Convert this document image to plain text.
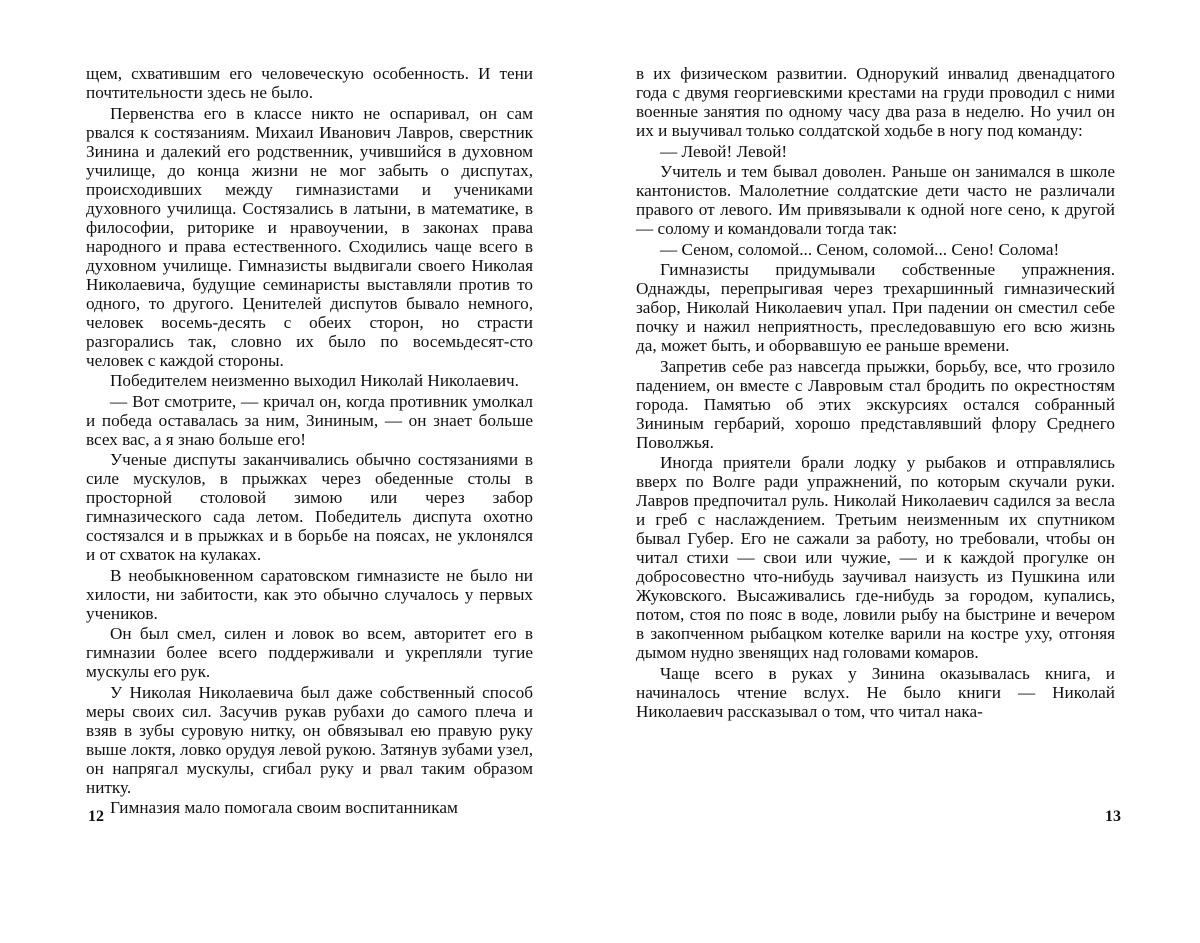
щем, схватившим его человеческую особенность. И тени почтительности здесь не было.

Первенства его в классе никто не оспаривал, он сам рвался к состязаниям. Михаил Иванович Лавров, сверстник Зинина и далекий его родственник, учившийся в духовном училище, до конца жизни не мог забыть о диспутах, происходивших между гимназистами и учениками духовного училища. Состязались в латыни, в математике, в философии, риторике и нравоучении, в законах права народного и права естественного. Сходились чаще всего в духовном училище. Гимназисты выдвигали своего Николая Николаевича, будущие семинаристы выставляли против то одного, то другого. Ценителей диспутов бывало немного, человек восемь-десять с обеих сторон, но страсти разгорались так, словно их было по восемьдесят-сто человек с каждой стороны.

Победителем неизменно выходил Николай Николаевич.

— Вот смотрите, — кричал он, когда противник умолкал и победа оставалась за ним, Зининым, — он знает больше всех вас, а я знаю больше его!

Ученые диспуты заканчивались обычно состязаниями в силе мускулов, в прыжках через обеденные столы в просторной столовой зимою или через забор гимназического сада летом. Победитель диспута охотно состязался и в прыжках и в борьбе на поясах, не уклонялся и от схваток на кулаках.

В необыкновенном саратовском гимназисте не было ни хилости, ни забитости, как это обычно случалось у первых учеников.

Он был смел, силен и ловок во всем, авторитет его в гимназии более всего поддерживали и укрепляли тугие мускулы его рук.

У Николая Николаевича был даже собственный способ меры своих сил. Засучив рукав рубахи до самого плеча и взяв в зубы суровую нитку, он обвязывал ею правую руку выше локтя, ловко орудуя левой рукою. Затянув зубами узел, он напрягал мускулы, сгибал руку и рвал таким образом нитку.

Гимназия мало помогала своим воспитанникам

12

в их физическом развитии. Однорукий инвалид двенадцатого года с двумя георгиевскими крестами на груди проводил с ними военные занятия по одному часу два раза в неделю. Но учил он их и выучивал только солдатской ходьбе в ногу под команду:

— Левой! Левой!

Учитель и тем бывал доволен. Раньше он занимался в школе кантонистов. Малолетние солдатские дети часто не различали правого от левого. Им привязывали к одной ноге сено, к другой — солому и командовали тогда так:

— Сеном, соломой... Сеном, соломой... Сено! Солома!

Гимназисты придумывали собственные упражнения. Однажды, перепрыгивая через трехаршинный гимназический забор, Николай Николаевич упал. При падении он сместил себе почку и нажил неприятность, преследовавшую его всю жизнь да, может быть, и оборвавшую ее раньше времени.

Запретив себе раз навсегда прыжки, борьбу, все, что грозило падением, он вместе с Лавровым стал бродить по окрестностям города. Памятью об этих экскурсиях остался собранный Зининым гербарий, хорошо представлявший флору Среднего Поволжья.

Иногда приятели брали лодку у рыбаков и отправлялись вверх по Волге ради упражнений, по которым скучали руки. Лавров предпочитал руль. Николай Николаевич садился за весла и греб с наслаждением. Третьим неизменным их спутником бывал Губер. Его не сажали за работу, но требовали, чтобы он читал стихи — свои или чужие, — и к каждой прогулке он добросовестно что-нибудь заучивал наизусть из Пушкина или Жуковского. Высаживались где-нибудь за городом, купались, потом, стоя по пояс в воде, ловили рыбу на быстрине и вечером в закопченном рыбацком котелке варили на костре уху, отгоняя дымом нудно звенящих над головами комаров.

Чаще всего в руках у Зинина оказывалась книга, и начиналось чтение вслух. Не было книги — Николай Николаевич рассказывал о том, что читал нака-

13
